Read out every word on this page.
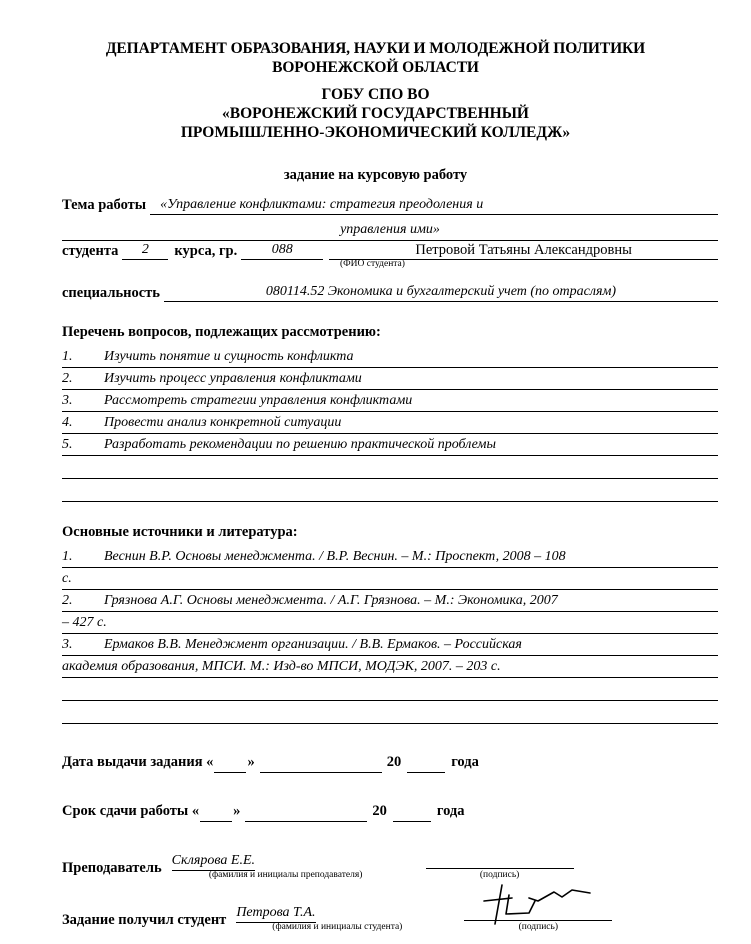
ДЕПАРТАМЕНТ ОБРАЗОВАНИЯ, НАУКИ И МОЛОДЕЖНОЙ ПОЛИТИКИ
ВОРОНЕЖСКОЙ ОБЛАСТИ
ГОБУ СПО ВО
«ВОРОНЕЖСКИЙ ГОСУДАРСТВЕННЫЙ
ПРОМЫШЛЕННО-ЭКОНОМИЧЕСКИЙ КОЛЛЕДЖ»
задание на курсовую работу
Тема работы	«Управление конфликтами: стратегия преодоления и
управления ими»
студента	2	курса, гр.	088	Петровой Татьяны Александровны
(ФИО студента)
специальность	080114.52 Экономика и бухгалтерский учет (по отраслям)
Перечень вопросов, подлежащих рассмотрению:
1.	Изучить понятие и сущность конфликта
2.	Изучить процесс управления конфликтами
3.	Рассмотреть стратегии управления конфликтами
4.	Провести анализ конкретной ситуации
5.	Разработать рекомендации по решению практической проблемы
Основные источники и литература:
1.	Веснин В.Р. Основы менеджмента. / В.Р. Веснин. – М.: Проспект, 2008 – 108
с.
2.	Грязнова А.Г. Основы менеджмента. / А.Г. Грязнова. – М.: Экономика, 2007
– 427 с.
3.	Ермаков В.В. Менеджмент организации. / В.В. Ермаков. – Российская
академия образования, МПСИ. М.: Изд-во МПСИ, МОДЭК, 2007. – 203 с.
Дата выдачи задания « »	20	года
Срок сдачи работы « »	20	года
Преподаватель Склярова Е.Е.
(фамилия и инициалы преподавателя)	(подпись)
Задание получил студент Петрова Т.А.
(фамилия и инициалы студента)	(подпись)
